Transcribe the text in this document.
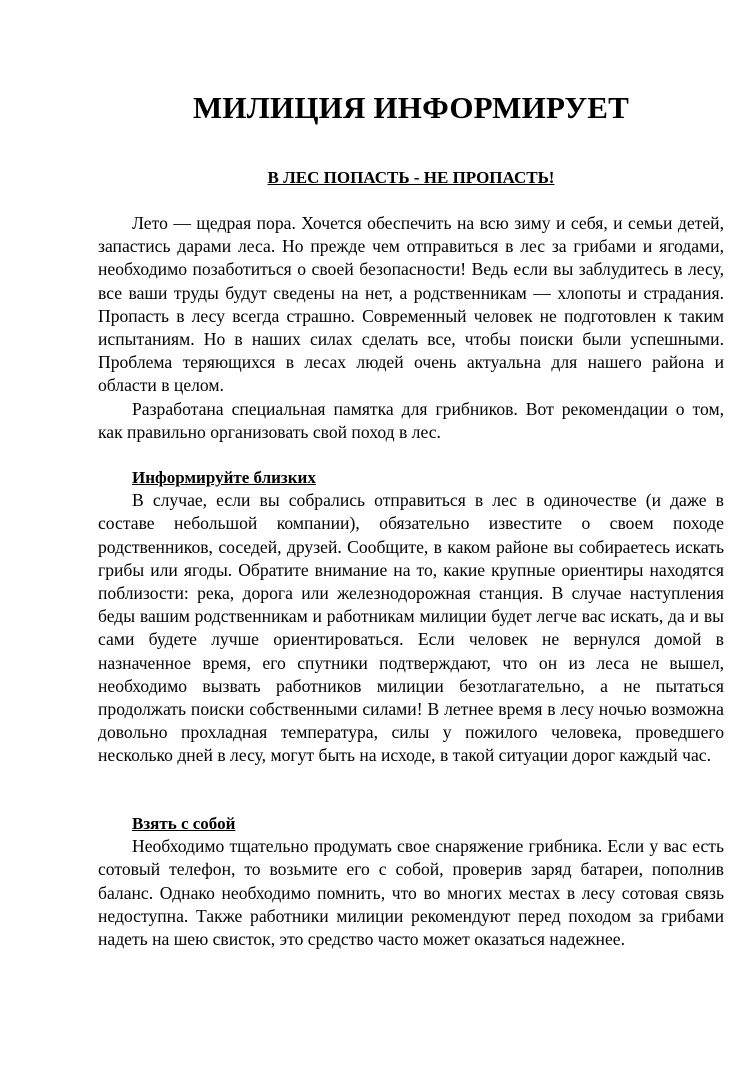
МИЛИЦИЯ ИНФОРМИРУЕТ
В ЛЕС ПОПАСТЬ - НЕ ПРОПАСТЬ!

Лето — щедрая пора. Хочется обеспечить на всю зиму и себя, и семьи детей, запастись дарами леса. Но прежде чем отправиться в лес за грибами и ягодами, необходимо позаботиться о своей безопасности! Ведь если вы заблудитесь в лесу, все ваши труды будут сведены на нет, а родственникам — хлопоты и страдания. Пропасть в лесу всегда страшно. Современный человек не подготовлен к таким испытаниям. Но в наших силах сделать все, чтобы поиски были успешными. Проблема теряющихся в лесах людей очень актуальна для нашего района и области в целом.

Разработана специальная памятка для грибников. Вот рекомендации о том, как правильно организовать свой поход в лес.

Информируйте близких

В случае, если вы собрались отправиться в лес в одиночестве (и даже в составе небольшой компании), обязательно известите о своем походе родственников, соседей, друзей. Сообщите, в каком районе вы собираетесь искать грибы или ягоды. Обратите внимание на то, какие крупные ориентиры находятся поблизости: река, дорога или железнодорожная станция. В случае наступления беды вашим родственникам и работникам милиции будет легче вас искать, да и вы сами будете лучше ориентироваться. Если человек не вернулся домой в назначенное время, его спутники подтверждают, что он из леса не вышел, необходимо вызвать работников милиции безотлагательно, а не пытаться продолжать поиски собственными силами! В летнее время в лесу ночью возможна довольно прохладная температура, силы у пожилого человека, проведшего несколько дней в лесу, могут быть на исходе, в такой ситуации дорог каждый час.

Взять с собой

Необходимо тщательно продумать свое снаряжение грибника. Если у вас есть сотовый телефон, то возьмите его с собой, проверив заряд батареи, пополнив баланс. Однако необходимо помнить, что во многих местах в лесу сотовая связь недоступна. Также работники милиции рекомендуют перед походом за грибами надеть на шею свисток, это средство часто может оказаться надежнее.
